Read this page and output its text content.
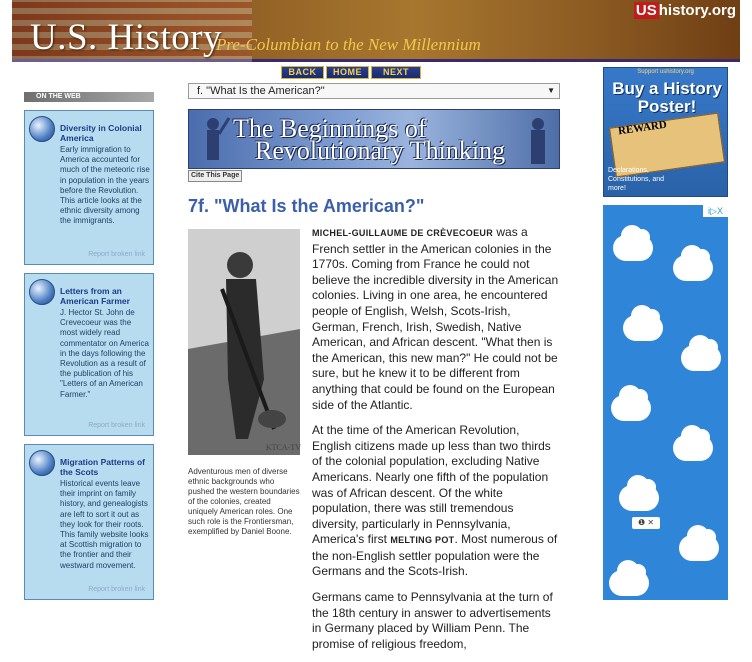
U.S. History
Pre-Columbian to the New Millennium
US history.org
BACK	HOME	NEXT
f. "What Is the American?"	▼
The Beginnings of
Revolutionary Thinking
Cite This Page
7f. "What Is the American?"
KTCA-TV
Adventurous men of diverse ethnic backgrounds who pushed the western boundaries of the colonies, created uniquely American roles. One such role is the Frontiersman, exemplified by Daniel Boone.

MICHEL-GUILLAUME DE CRÈVECOEUR was a French settler in the American colonies in the 1770s. Coming from France he could not believe the incredible diversity in the American colonies. Living in one area, he encountered people of English, Welsh, Scots-Irish, German, French, Irish, Swedish, Native American, and African descent. "What then is the American, this new man?" He could not be sure, but he knew it to be different from anything that could be found on the European side of the Atlantic.

At the time of the American Revolution, English citizens made up less than two thirds of the colonial population, excluding Native Americans. Nearly one fifth of the population was of African descent. Of the white population, there was still tremendous diversity, particularly in Pennsylvania, America's first MELTING POT. Most numerous of the non-English settler population were the Germans and the Scots-Irish.

Germans came to Pennsylvania at the turn of the 18th century in answer to advertisements in Germany placed by William Penn. The promise of religious freedom,

ON THE WEB
Diversity in Colonial America
Early immigration to America accounted for much of the meteoric rise in population in the years before the Revolution. This article looks at the ethnic diversity among the immigrants.
Report broken link
Letters from an American Farmer
J. Hector St. John de Crevecoeur was the most widely read commentator on America in the days following the Revolution as a result of the publication of his "Letters of an American Farmer."
Report broken link
Migration Patterns of the Scots
Historical events leave their imprint on family history, and genealogists are left to sort it out as they look for their roots. This family website looks at Scottish migration to the frontier and their westward movement.
Report broken link
Support ushistory.org
Buy a History Poster!
REWARD
Declarations, Constitutions, and more!
i▷X
❶ ✕
